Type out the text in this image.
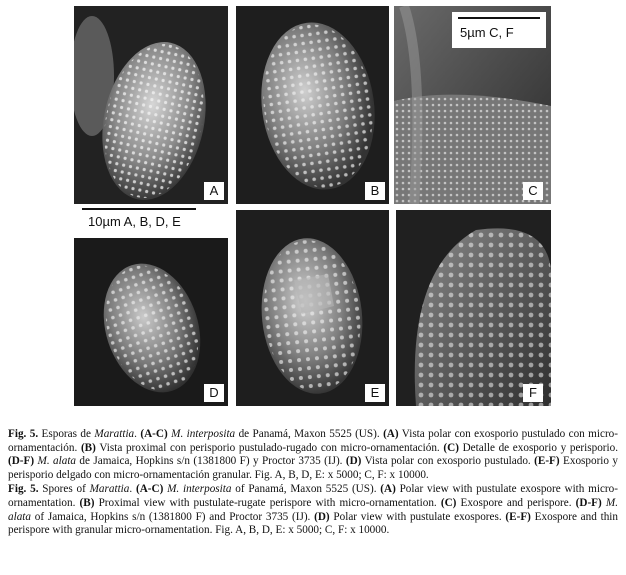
A	B
5µm C, F
C
10µm A, B, D, E
D	E	F

Fig. 5. Esporas de Marattia. (A-C) M. interposita de Panamá, Maxon 5525 (US). (A) Vista polar con exosporio pustulado con micro-ornamentación. (B) Vista proximal con perisporio pustulado-rugado con micro-ornamentación. (C) Detalle de exosporio y perisporio. (D-F) M. alata de Jamaica, Hopkins s/n (1381800 F) y Proctor 3735 (IJ). (D) Vista polar con exosporio pustulado. (E-F) Exosporio y perisporio delgado con micro-ornamentación granular. Fig. A, B, D, E: x 5000; C, F: x 10000.

Fig. 5. Spores of Marattia. (A-C) M. interposita of Panamá, Maxon 5525 (US). (A) Polar view with pustulate exospore with micro-ornamentation. (B) Proximal view with pustulate-rugate perispore with micro-ornamentation. (C) Exospore and perispore. (D-F) M. alata of Jamaica, Hopkins s/n (1381800 F) and Proctor 3735 (IJ). (D) Polar view with pustulate exospores. (E-F) Exospore and thin perispore with granular micro-ornamentation. Fig. A, B, D, E: x 5000; C, F: x 10000.
